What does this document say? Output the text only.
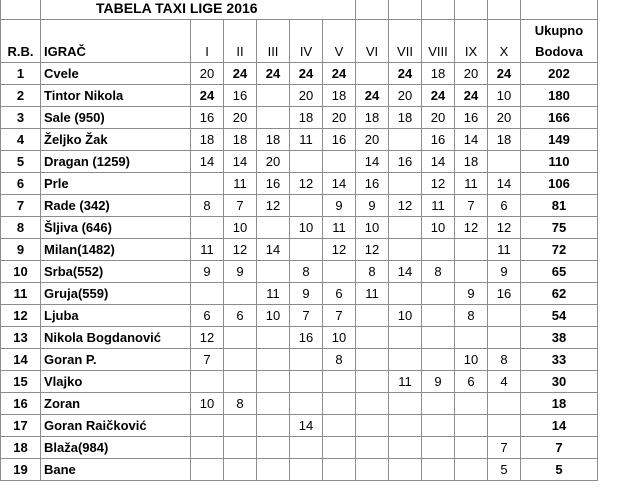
	TABELA TAXI LIGE 2016											
R.B.	IGRAČ	I	II	III	IV	V	VI	VII	VIII	IX	X	Ukupno
Bodova

1	Cvele	20	24	24	24	24		24	18	20	24	202
2	Tintor Nikola	24	16		20	18	24	20	24	24	10	180
3	Sale (950)	16	20		18	20	18	18	20	16	20	166
4	Željko Žak	18	18	18	11	16	20		16	14	18	149
5	Dragan (1259)	14	14	20			14	16	14	18		110
6	Prle		11	16	12	14	16		12	11	14	106
7	Rade (342)	8	7	12		9	9	12	11	7	6	81
8	Šljiva (646)		10		10	11	10		10	12	12	75
9	Milan(1482)	11	12	14		12	12				11	72
10	Srba(552)	9	9		8		8	14	8		9	65
11	Gruja(559)			11	9	6	11			9	16	62
12	Ljuba	6	6	10	7	7		10		8		54
13	Nikola Bogdanović	12			16	10						38
14	Goran P.	7				8				10	8	33
15	Vlajko							11	9	6	4	30
16	Zoran	10	8									18
17	Goran Raičković				14							14
18	Blaža(984)										7	7
19	Bane										5	5
